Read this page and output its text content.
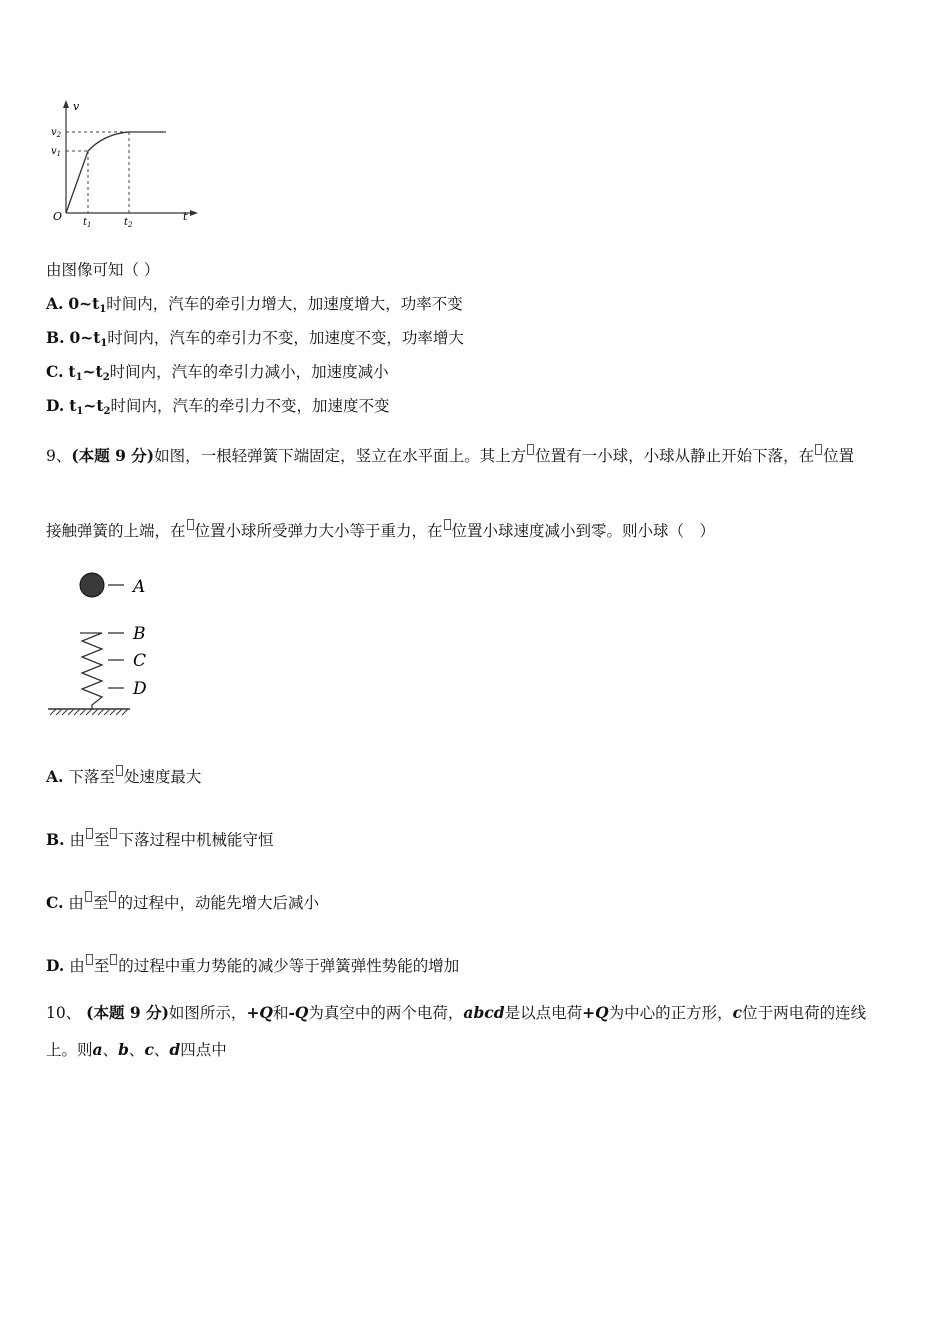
v
t
O
$v_2$
$v_1$
$t_1$	$t_2$
由图像可知（ ）
A. $0\sim t_1$时间内，汽车的牵引力增大，加速度增大，功率不变
B. $0\sim t_1$时间内，汽车的牵引力不变，加速度不变，功率增大
C. $t_1\sim t_2$时间内，汽车的牵引力减小，加速度减小
D. $t_1\sim t_2$时间内，汽车的牵引力不变，加速度不变
9、(本题 9 分)如图，一根轻弹簧下端固定，竖立在水平面上。其上方 位置有一小球，小球从静止开始下落，在 位置
接触弹簧的上端，在 位置小球所受弹力大小等于重力，在 位置小球速度减小到零。则小球（　）
A
B
C
D
A. 下落至 处速度最大
B. 由 至 下落过程中机械能守恒
C. 由 至 的过程中，动能先增大后减小
D. 由 至 的过程中重力势能的减少等于弹簧弹性势能的增加
10、 (本题 9 分)如图所示，+Q和-Q为真空中的两个电荷，abcd是以点电荷+Q为中心的正方形，c位于两电荷的连线
上。则a、b、c、d四点中
